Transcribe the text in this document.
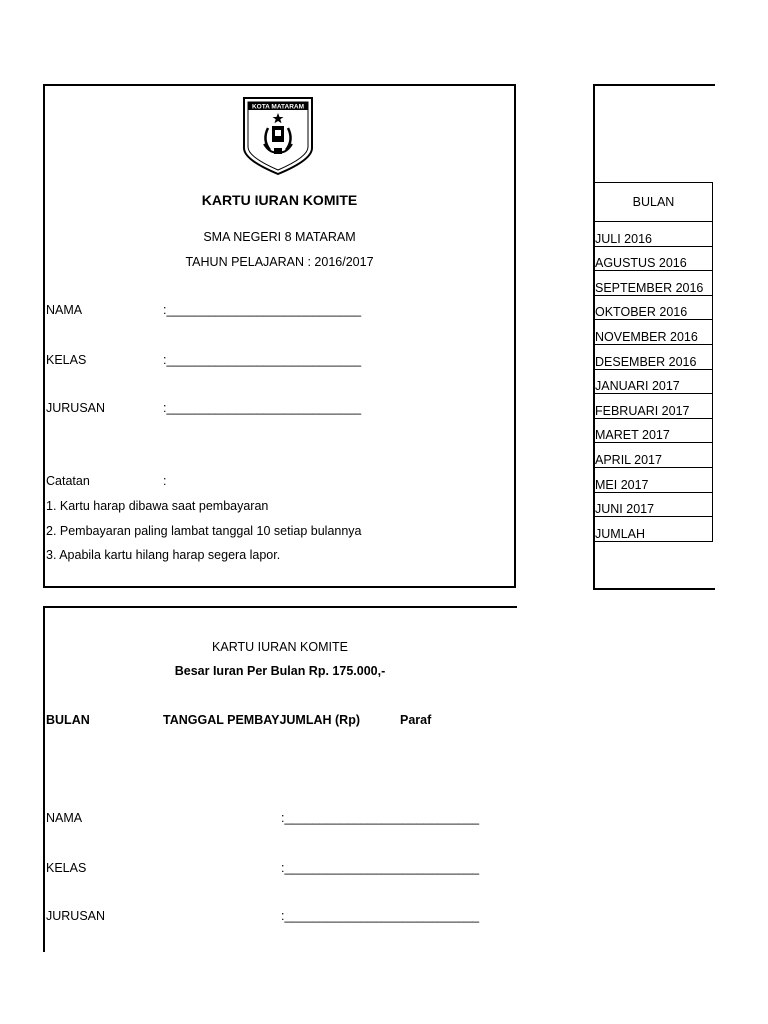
KOTA MATARAM
KARTU IURAN KOMITE
SMA NEGERI 8 MATARAM
TAHUN PELAJARAN : 2016/2017
NAMA	:____________________________
KELAS	:____________________________
JURUSAN	:____________________________
Catatan	:
1. Kartu harap dibawa saat pembayaran
2. Pembayaran paling lambat tanggal 10 setiap bulannya
3. Apabila kartu hilang harap segera lapor.
KARTU IURAN KOMITE
Besar Iuran Per Bulan Rp. 175.000,-
BULAN	TANGGAL PEMBAYJUMLAH (Rp)	Paraf
NAMA	:____________________________
KELAS	:____________________________
JURUSAN	:____________________________
BULAN
JULI 2016
AGUSTUS 2016
SEPTEMBER 2016
OKTOBER 2016
NOVEMBER 2016
DESEMBER 2016
JANUARI 2017
FEBRUARI 2017
MARET 2017
APRIL 2017
MEI 2017
JUNI 2017
JUMLAH
